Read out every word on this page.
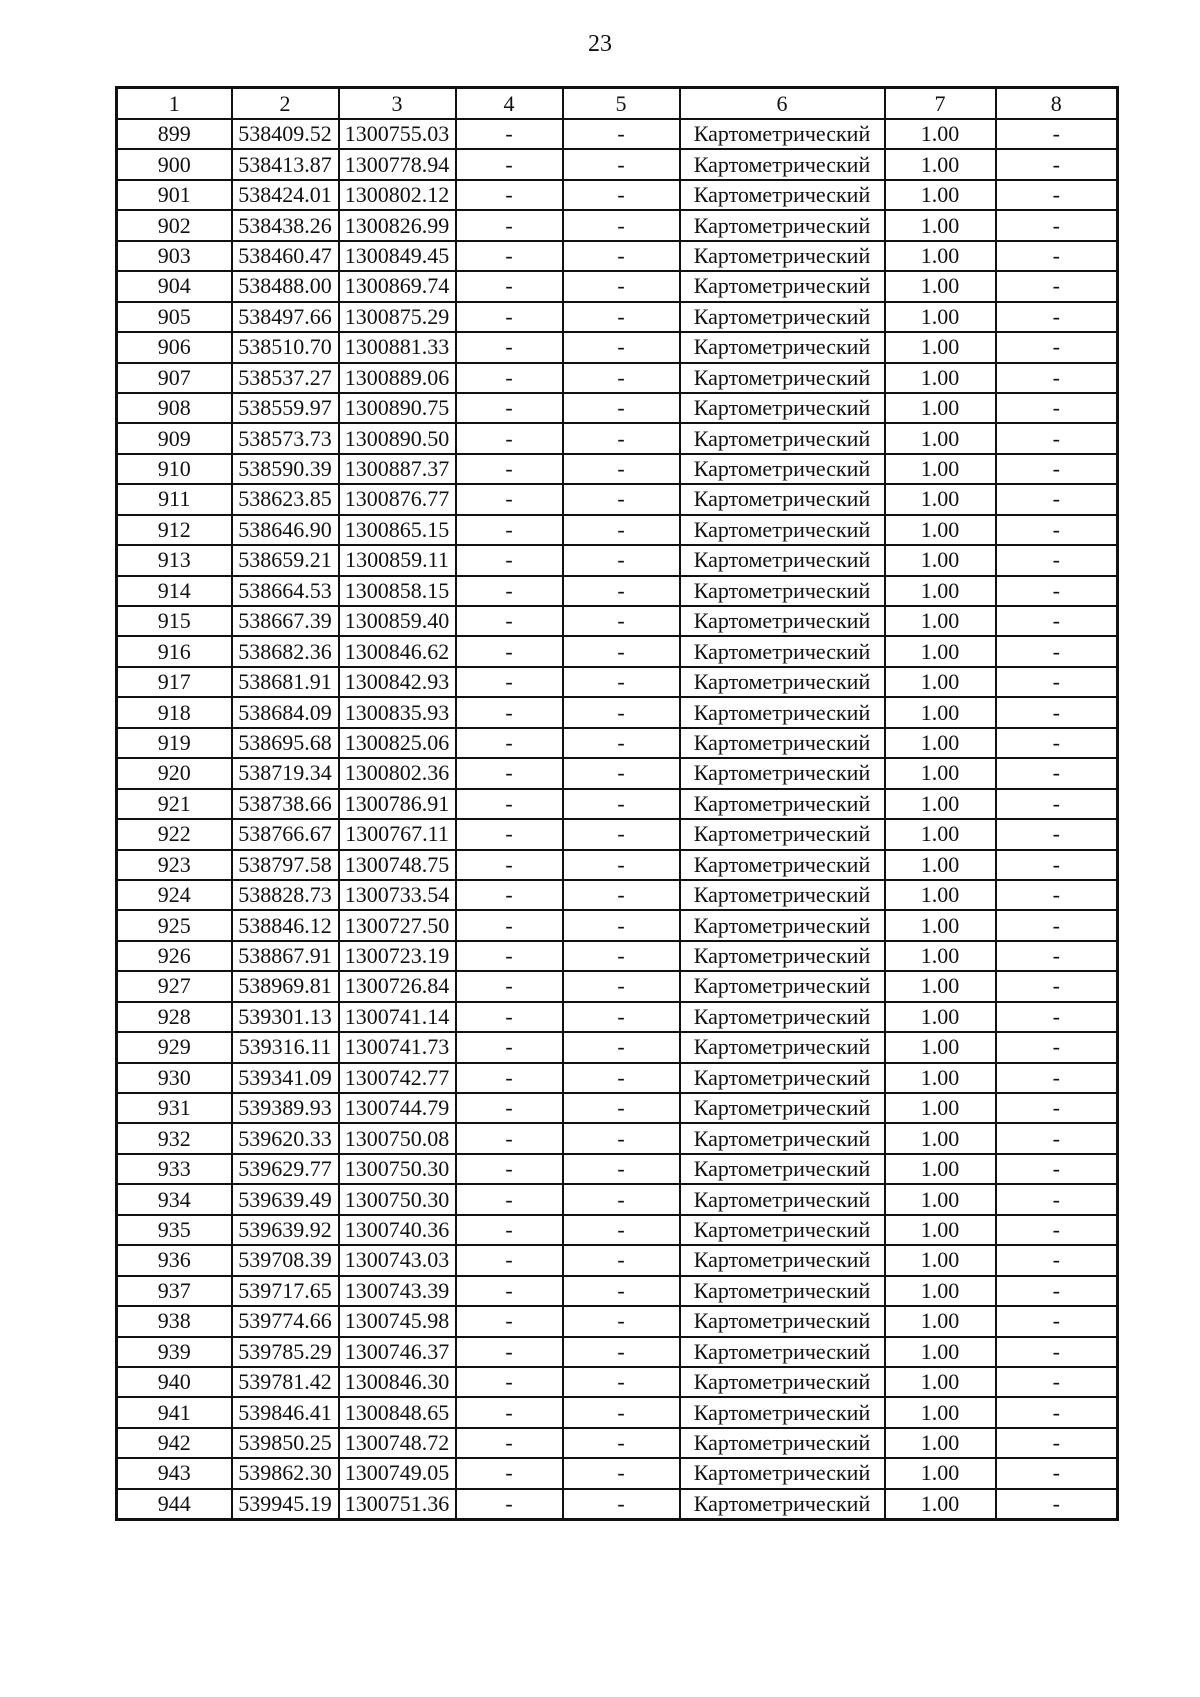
23
1	2	3	4	5	6	7	8
899	538409.52	1300755.03	-	-	Картометрический	1.00	-
900	538413.87	1300778.94	-	-	Картометрический	1.00	-
901	538424.01	1300802.12	-	-	Картометрический	1.00	-
902	538438.26	1300826.99	-	-	Картометрический	1.00	-
903	538460.47	1300849.45	-	-	Картометрический	1.00	-
904	538488.00	1300869.74	-	-	Картометрический	1.00	-
905	538497.66	1300875.29	-	-	Картометрический	1.00	-
906	538510.70	1300881.33	-	-	Картометрический	1.00	-
907	538537.27	1300889.06	-	-	Картометрический	1.00	-
908	538559.97	1300890.75	-	-	Картометрический	1.00	-
909	538573.73	1300890.50	-	-	Картометрический	1.00	-
910	538590.39	1300887.37	-	-	Картометрический	1.00	-
911	538623.85	1300876.77	-	-	Картометрический	1.00	-
912	538646.90	1300865.15	-	-	Картометрический	1.00	-
913	538659.21	1300859.11	-	-	Картометрический	1.00	-
914	538664.53	1300858.15	-	-	Картометрический	1.00	-
915	538667.39	1300859.40	-	-	Картометрический	1.00	-
916	538682.36	1300846.62	-	-	Картометрический	1.00	-
917	538681.91	1300842.93	-	-	Картометрический	1.00	-
918	538684.09	1300835.93	-	-	Картометрический	1.00	-
919	538695.68	1300825.06	-	-	Картометрический	1.00	-
920	538719.34	1300802.36	-	-	Картометрический	1.00	-
921	538738.66	1300786.91	-	-	Картометрический	1.00	-
922	538766.67	1300767.11	-	-	Картометрический	1.00	-
923	538797.58	1300748.75	-	-	Картометрический	1.00	-
924	538828.73	1300733.54	-	-	Картометрический	1.00	-
925	538846.12	1300727.50	-	-	Картометрический	1.00	-
926	538867.91	1300723.19	-	-	Картометрический	1.00	-
927	538969.81	1300726.84	-	-	Картометрический	1.00	-
928	539301.13	1300741.14	-	-	Картометрический	1.00	-
929	539316.11	1300741.73	-	-	Картометрический	1.00	-
930	539341.09	1300742.77	-	-	Картометрический	1.00	-
931	539389.93	1300744.79	-	-	Картометрический	1.00	-
932	539620.33	1300750.08	-	-	Картометрический	1.00	-
933	539629.77	1300750.30	-	-	Картометрический	1.00	-
934	539639.49	1300750.30	-	-	Картометрический	1.00	-
935	539639.92	1300740.36	-	-	Картометрический	1.00	-
936	539708.39	1300743.03	-	-	Картометрический	1.00	-
937	539717.65	1300743.39	-	-	Картометрический	1.00	-
938	539774.66	1300745.98	-	-	Картометрический	1.00	-
939	539785.29	1300746.37	-	-	Картометрический	1.00	-
940	539781.42	1300846.30	-	-	Картометрический	1.00	-
941	539846.41	1300848.65	-	-	Картометрический	1.00	-
942	539850.25	1300748.72	-	-	Картометрический	1.00	-
943	539862.30	1300749.05	-	-	Картометрический	1.00	-
944	539945.19	1300751.36	-	-	Картометрический	1.00	-
